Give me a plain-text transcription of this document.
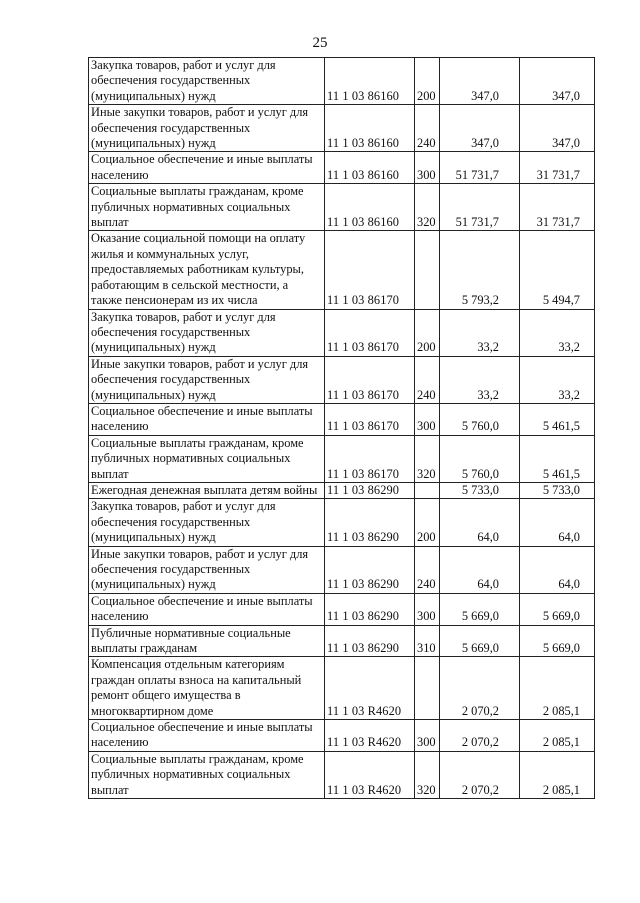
25
Закупка товаров, работ и услуг для обеспечения государственных (муниципальных) нужд	11 1 03 86160	200	347,0	347,0
Иные закупки товаров, работ и услуг для обеспечения государственных (муниципальных) нужд	11 1 03 86160	240	347,0	347,0
Социальное обеспечение и иные выплаты населению	11 1 03 86160	300	51 731,7	31 731,7
Социальные выплаты гражданам, кроме публичных нормативных социальных выплат	11 1 03 86160	320	51 731,7	31 731,7
Оказание социальной помощи на оплату жилья и коммунальных услуг, предоставляемых работникам культуры, работающим в сельской местности, а также пенсионерам из их числа	11 1 03 86170		5 793,2	5 494,7
Закупка товаров, работ и услуг для обеспечения государственных (муниципальных) нужд	11 1 03 86170	200	33,2	33,2
Иные закупки товаров, работ и услуг для обеспечения государственных (муниципальных) нужд	11 1 03 86170	240	33,2	33,2
Социальное обеспечение и иные выплаты населению	11 1 03 86170	300	5 760,0	5 461,5
Социальные выплаты гражданам, кроме публичных нормативных социальных выплат	11 1 03 86170	320	5 760,0	5 461,5
Ежегодная денежная выплата детям войны	11 1 03 86290		5 733,0	5 733,0
Закупка товаров, работ и услуг для обеспечения государственных (муниципальных) нужд	11 1 03 86290	200	64,0	64,0
Иные закупки товаров, работ и услуг для обеспечения государственных (муниципальных) нужд	11 1 03 86290	240	64,0	64,0
Социальное обеспечение и иные выплаты населению	11 1 03 86290	300	5 669,0	5 669,0
Публичные нормативные социальные выплаты гражданам	11 1 03 86290	310	5 669,0	5 669,0
Компенсация отдельным категориям граждан оплаты взноса на капитальный ремонт общего имущества в многоквартирном доме	11 1 03 R4620		2 070,2	2 085,1
Социальное обеспечение и иные выплаты населению	11 1 03 R4620	300	2 070,2	2 085,1
Социальные выплаты гражданам, кроме публичных нормативных социальных выплат	11 1 03 R4620	320	2 070,2	2 085,1
